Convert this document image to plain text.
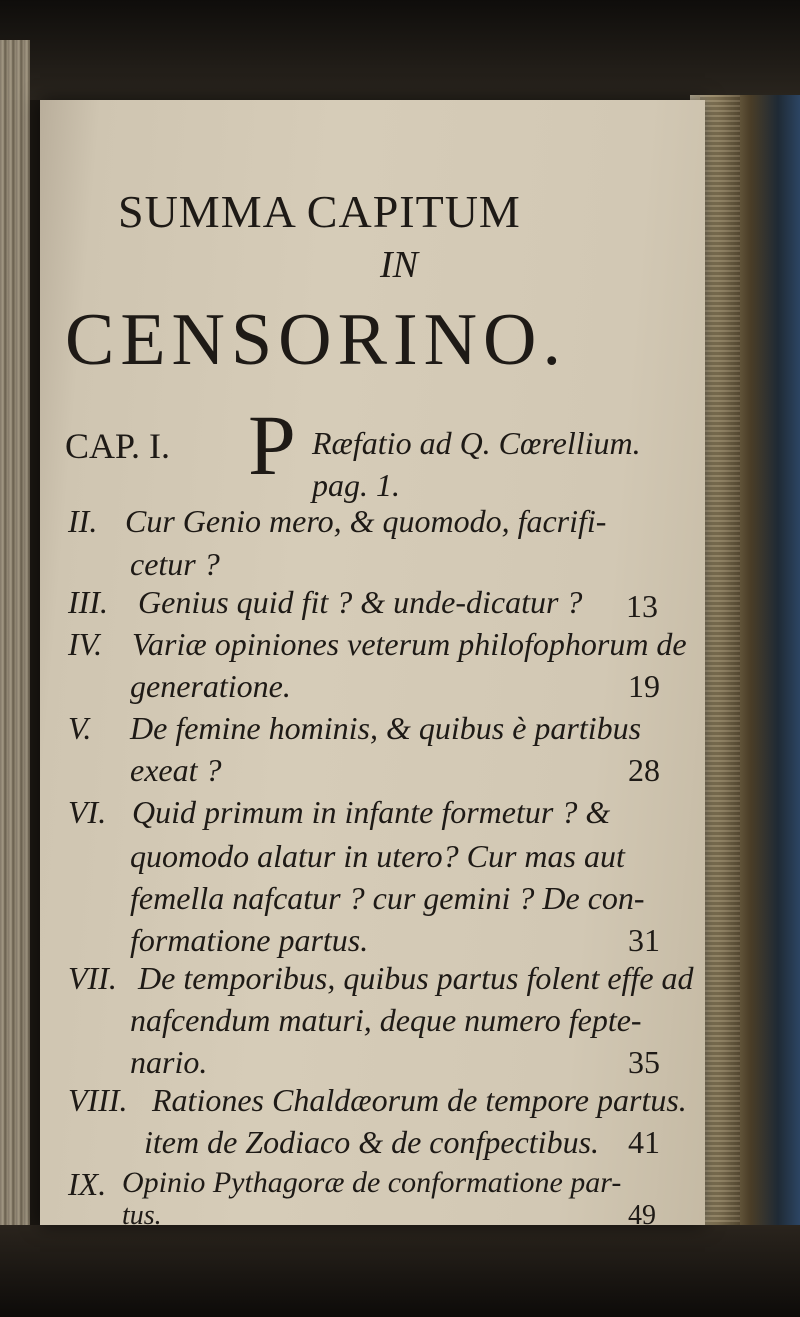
SUMMA CAPITUM
IN
CENSORINO.
CAP. I. P Ræfatio ad Q. Cœrellium.
pag. 1.
II. Cur Genio mero, & quomodo, facrifi-
cetur ?
III. Genius quid fit ? & unde-dicatur ? 13
IV. Variæ opiniones veterum philofophorum de
generatione.	19
V. De femine hominis, & quibus è partibus
exeat ?	28
VI. Quid primum in infante formetur ? &
quomodo alatur in utero? Cur mas aut
femella nafcatur ? cur gemini ? De con-
formatione partus.	31
VII. De temporibus, quibus partus folent effe ad
nafcendum maturi, deque numero fepte-
nario.	35
VIII. Rationes Chaldæorum de tempore partus.
item de Zodiaco & de confpectibus. 41
IX. Opinio Pythagoræ de conformatione par-
tus.	49
